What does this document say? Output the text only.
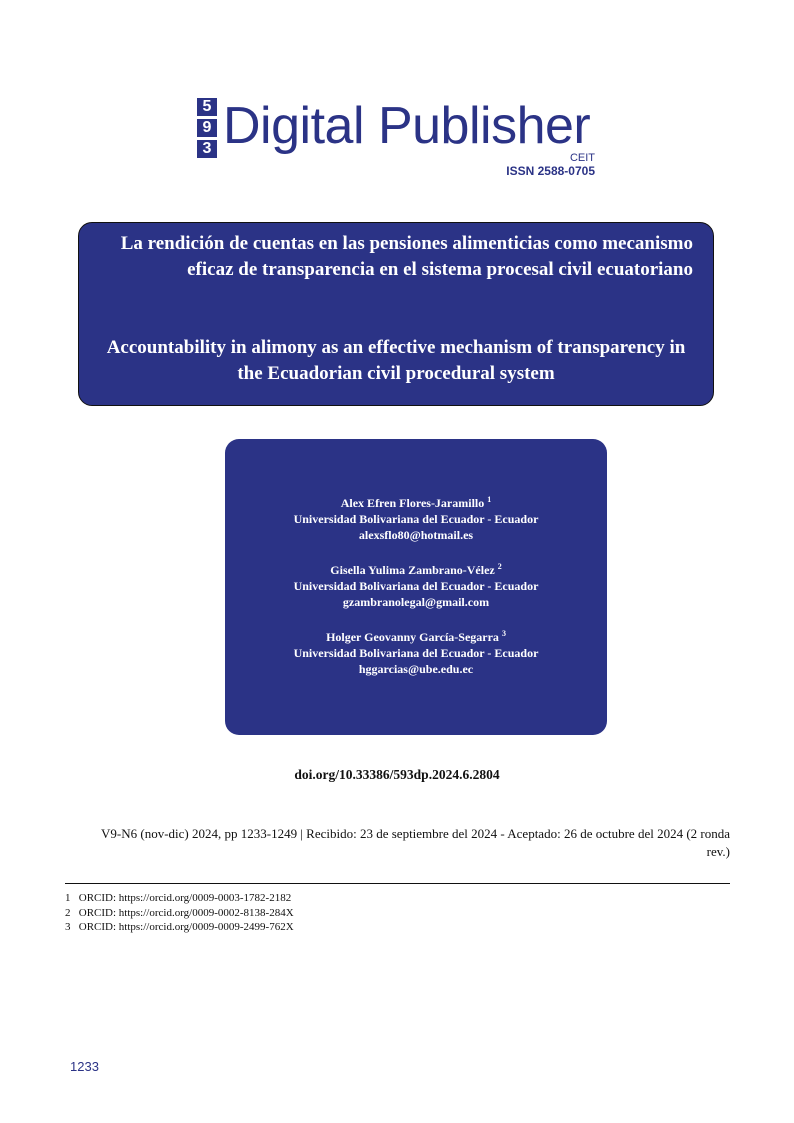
5
9
3 Digital Publisher
CEIT
ISSN 2588-0705
La rendición de cuentas en las pensiones alimenticias como mecanismo eficaz de transparencia en el sistema procesal civil ecuatoriano
Accountability in alimony as an effective mechanism of transparency in the Ecuadorian civil procedural system
Alex Efren Flores-Jaramillo $^1$
Universidad Bolivariana del Ecuador - Ecuador
alexsflo80@hotmail.es
Gisella Yulima Zambrano-Vélez $^2$
Universidad Bolivariana del Ecuador - Ecuador
gzambranolegal@gmail.com
Holger Geovanny García-Segarra $^3$
Universidad Bolivariana del Ecuador - Ecuador
hggarcias@ube.edu.ec
doi.org/10.33386/593dp.2024.6.2804
V9-N6 (nov-dic) 2024, pp 1233-1249 | Recibido: 23 de septiembre del 2024 - Aceptado: 26 de octubre del 2024 (2 ronda rev.)
1 ORCID: https://orcid.org/0009-0003-1782-2182
2 ORCID: https://orcid.org/0009-0002-8138-284X
3 ORCID: https://orcid.org/0009-0009-2499-762X
1233
